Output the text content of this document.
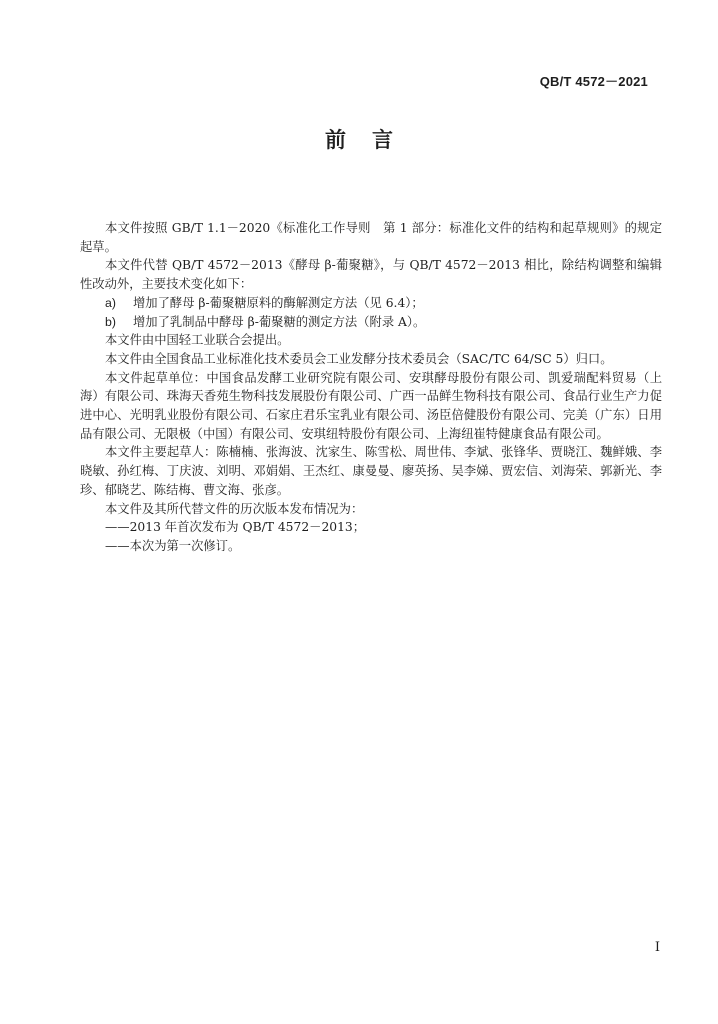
QB/T 4572－2021
前言

本文件按照 GB/T 1.1－2020《标准化工作导则　第 1 部分：标准化文件的结构和起草规则》的规定起草。

本文件代替 QB/T 4572－2013《酵母 β-葡聚糖》，与 QB/T 4572－2013 相比，除结构调整和编辑性改动外，主要技术变化如下：

a) 增加了酵母 β-葡聚糖原料的酶解测定方法（见 6.4）；

b) 增加了乳制品中酵母 β-葡聚糖的测定方法（附录 A）。

本文件由中国轻工业联合会提出。

本文件由全国食品工业标准化技术委员会工业发酵分技术委员会（SAC/TC 64/SC 5）归口。

本文件起草单位：中国食品发酵工业研究院有限公司、安琪酵母股份有限公司、凯爱瑞配料贸易（上海）有限公司、珠海天香苑生物科技发展股份有限公司、广西一品鲜生物科技有限公司、食品行业生产力促进中心、光明乳业股份有限公司、石家庄君乐宝乳业有限公司、汤臣倍健股份有限公司、完美（广东）日用品有限公司、无限极（中国）有限公司、安琪纽特股份有限公司、上海纽崔特健康食品有限公司。

本文件主要起草人：陈楠楠、张海波、沈家生、陈雪松、周世伟、李斌、张锋华、贾晓江、魏鲜娥、李晓敏、孙红梅、丁庆波、刘明、邓娟娟、王杰红、康曼曼、廖英扬、吴李娣、贾宏信、刘海荣、郭新光、李珍、郁晓艺、陈结梅、曹文海、张彦。

本文件及其所代替文件的历次版本发布情况为：

——2013 年首次发布为 QB/T 4572－2013；

——本次为第一次修订。

I
